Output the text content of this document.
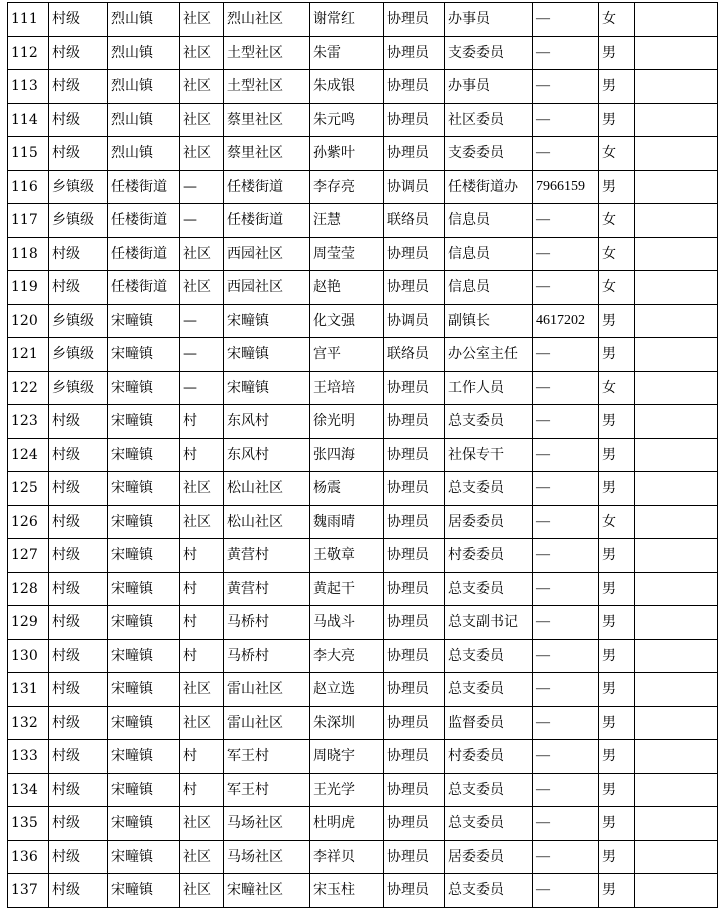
111	村级	烈山镇	社区	烈山社区	谢常红	协理员	办事员	—	女	
112	村级	烈山镇	社区	土型社区	朱雷	协理员	支委委员	—	男	
113	村级	烈山镇	社区	土型社区	朱成银	协理员	办事员	—	男	
114	村级	烈山镇	社区	蔡里社区	朱元鸣	协理员	社区委员	—	男	
115	村级	烈山镇	社区	蔡里社区	孙紫叶	协理员	支委委员	—	女	
116	乡镇级	任楼街道	—	任楼街道	李存亮	协调员	任楼街道办	7966159	男	
117	乡镇级	任楼街道	—	任楼街道	汪慧	联络员	信息员	—	女	
118	村级	任楼街道	社区	西园社区	周莹莹	协理员	信息员	—	女	
119	村级	任楼街道	社区	西园社区	赵艳	协理员	信息员	—	女	
120	乡镇级	宋疃镇	—	宋疃镇	化文强	协调员	副镇长	4617202	男	
121	乡镇级	宋疃镇	—	宋疃镇	宫平	联络员	办公室主任	—	男	
122	乡镇级	宋疃镇	—	宋疃镇	王培培	协理员	工作人员	—	女	
123	村级	宋疃镇	村	东风村	徐光明	协理员	总支委员	—	男	
124	村级	宋疃镇	村	东风村	张四海	协理员	社保专干	—	男	
125	村级	宋疃镇	社区	松山社区	杨震	协理员	总支委员	—	男	
126	村级	宋疃镇	社区	松山社区	魏雨晴	协理员	居委委员	—	女	
127	村级	宋疃镇	村	黄营村	王敬章	协理员	村委委员	—	男	
128	村级	宋疃镇	村	黄营村	黄起干	协理员	总支委员	—	男	
129	村级	宋疃镇	村	马桥村	马战斗	协理员	总支副书记	—	男	
130	村级	宋疃镇	村	马桥村	李大亮	协理员	总支委员	—	男	
131	村级	宋疃镇	社区	雷山社区	赵立选	协理员	总支委员	—	男	
132	村级	宋疃镇	社区	雷山社区	朱深圳	协理员	监督委员	—	男	
133	村级	宋疃镇	村	军王村	周晓宇	协理员	村委委员	—	男	
134	村级	宋疃镇	村	军王村	王光学	协理员	总支委员	—	男	
135	村级	宋疃镇	社区	马场社区	杜明虎	协理员	总支委员	—	男	
136	村级	宋疃镇	社区	马场社区	李祥贝	协理员	居委委员	—	男	
137	村级	宋疃镇	社区	宋疃社区	宋玉柱	协理员	总支委员	—	男	
